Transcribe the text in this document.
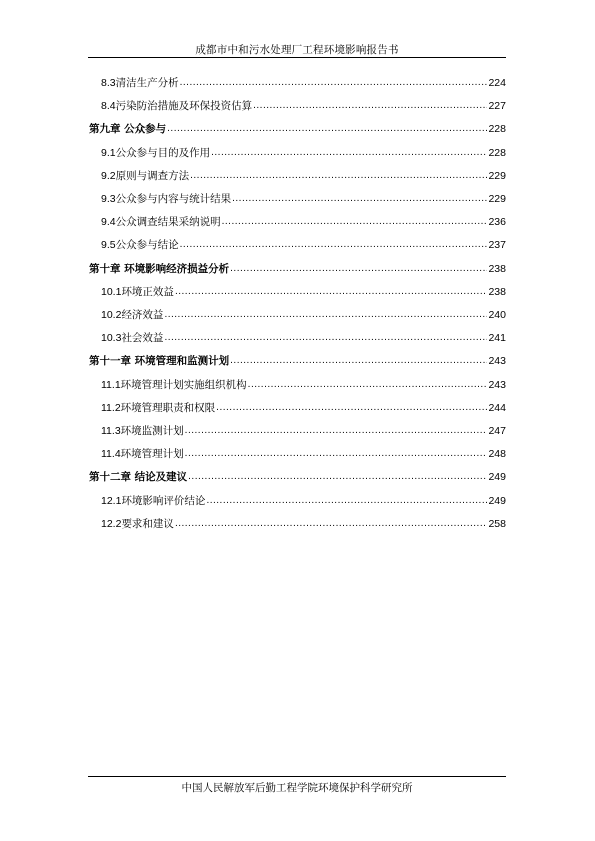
成都市中和污水处理厂工程环境影响报告书
8.3 清洁生产分析 .....	224
8.4 污染防治措施及环保投资估算 .....	227
第九章 公众参与 .....	228
9.1 公众参与目的及作用 .....	228
9.2 原则与调查方法 .....	229
9.3 公众参与内容与统计结果 .....	229
9.4 公众调查结果采纳说明 .....	236
9.5 公众参与结论 .....	237
第十章 环境影响经济损益分析 .....	238
10.1 环境正效益 .....	238
10.2 经济效益 .....	240
10.3 社会效益 .....	241
第十一章 环境管理和监测计划 .....	243
11.1 环境管理计划实施组织机构 .....	243
11.2 环境管理职责和权限 .....	244
11.3 环境监测计划 .....	247
11.4 环境管理计划 .....	248
第十二章 结论及建议 .....	249
12.1 环境影响评价结论 .....	249
12.2 要求和建议 .....	258
中国人民解放军后勤工程学院环境保护科学研究所
